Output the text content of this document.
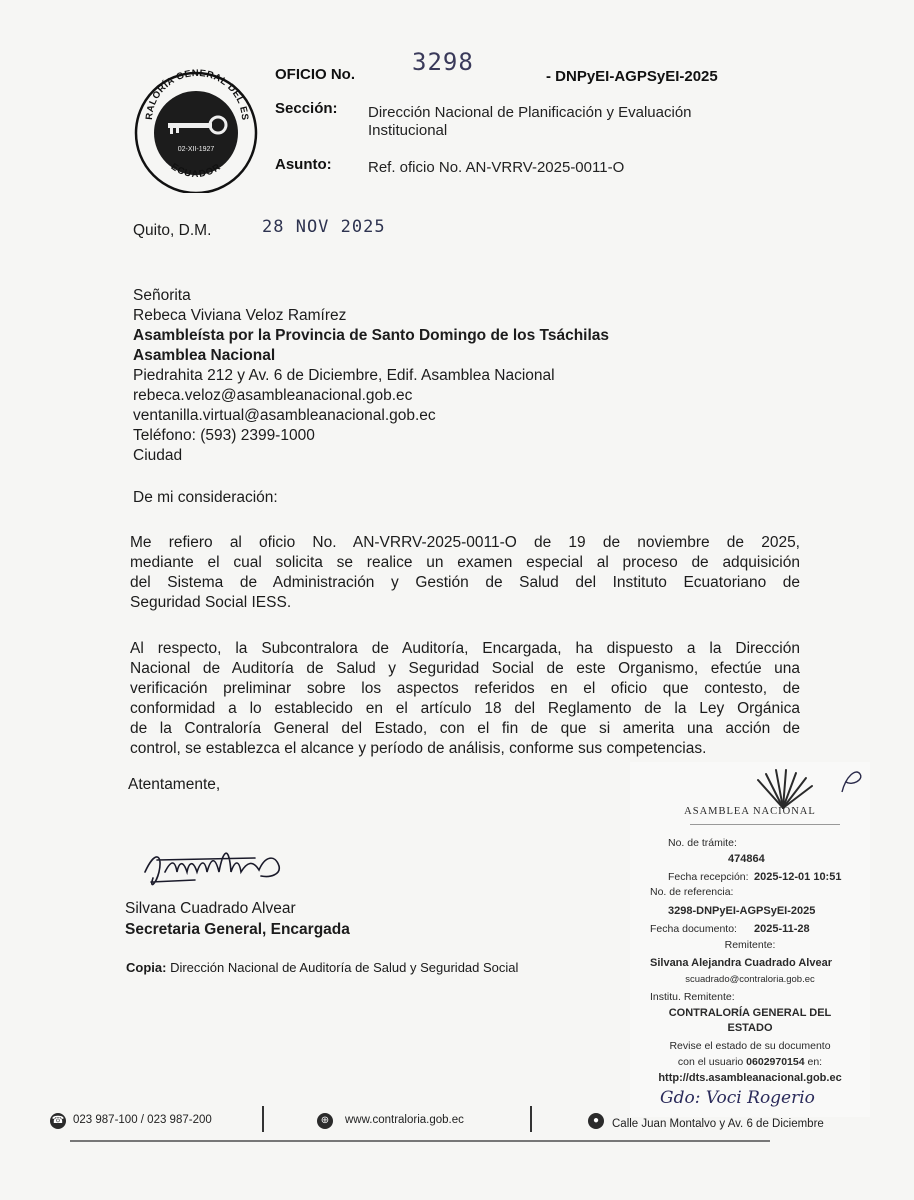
RALORÍA GENERAL DEL ES
ECUADOR
02-XII-1927
OFICIO No. 3298
- DNPyEI-AGPSyEI-2025
Sección: Dirección Nacional de Planificación y Evaluación
Institucional
Asunto: Ref. oficio No. AN-VRRV-2025-0011-O
Quito, D.M.	28 NOV 2025
Señorita
Rebeca Viviana Veloz Ramírez
Asambleísta por la Provincia de Santo Domingo de los Tsáchilas
Asamblea Nacional
Piedrahita 212 y Av. 6 de Diciembre, Edif. Asamblea Nacional
rebeca.veloz@asambleanacional.gob.ec
ventanilla.virtual@asambleanacional.gob.ec
Teléfono: (593) 2399-1000
Ciudad
De mi consideración:
Me refiero al oficio No. AN-VRRV-2025-0011-O de 19 de noviembre de 2025,
mediante el cual solicita se realice un examen especial al proceso de adquisición
del Sistema de Administración y Gestión de Salud del Instituto Ecuatoriano de
Seguridad Social IESS.
Al respecto, la Subcontralora de Auditoría, Encargada, ha dispuesto a la Dirección
Nacional de Auditoría de Salud y Seguridad Social de este Organismo, efectúe una
verificación preliminar sobre los aspectos referidos en el oficio que contesto, de
conformidad a lo establecido en el artículo 18 del Reglamento de la Ley Orgánica
de la Contraloría General del Estado, con el fin de que si amerita una acción de
control, se establezca el alcance y período de análisis, conforme sus competencias.
Atentamente,
Silvana Cuadrado Alvear
Secretaria General, Encargada
Copia: Dirección Nacional de Auditoría de Salud y Seguridad Social
ASAMBLEA NACIONAL
No. de trámite:
474864
Fecha recepción: 2025-12-01 10:51
No. de referencia:
3298-DNPyEI-AGPSyEI-2025
Fecha documento: 2025-11-28
Remitente:
Silvana Alejandra Cuadrado Alvear
scuadrado@contraloria.gob.ec
Institu. Remitente:
CONTRALORÍA GENERAL DEL
ESTADO
Revise el estado de su documento
con el usuario 0602970154 en:
http://dts.asambleanacional.gob.ec
Gdo: Voci Rogerio
☎ 023 987-100 / 023 987-200	⊕	www.contraloria.gob.ec	●	Calle Juan Montalvo y Av. 6 de Diciembre
